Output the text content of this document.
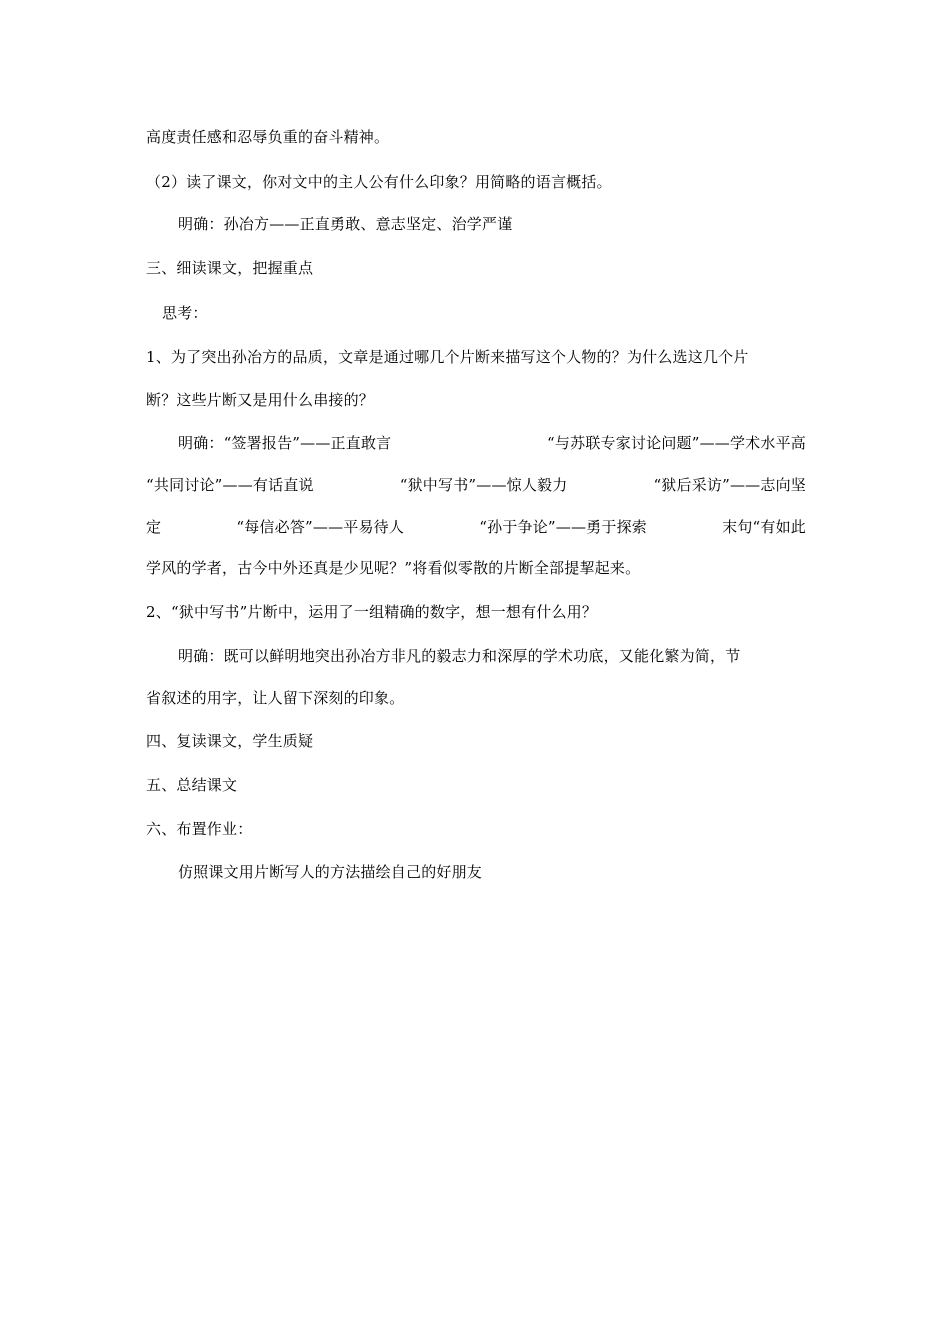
高度责任感和忍辱负重的奋斗精神。
（2）读了课文，你对文中的主人公有什么印象？用简略的语言概括。
明确：孙冶方——正直勇敢、意志坚定、治学严谨
三、细读课文，把握重点
思考：
1、为了突出孙冶方的品质，文章是通过哪几个片断来描写这个人物的？为什么选这几个片
断？这些片断又是用什么串接的？
明确：“签署报告”——正直敢言	“与苏联专家讨论问题”——学术水平高
“共同讨论”——有话直说	“狱中写书”——惊人毅力	“狱后采访”——志向坚
定	“每信必答”——平易待人	“孙于争论”——勇于探索	末句“有如此
学风的学者，古今中外还真是少见呢？”将看似零散的片断全部提挈起来。
2、“狱中写书”片断中，运用了一组精确的数字，想一想有什么用？
明确：既可以鲜明地突出孙冶方非凡的毅志力和深厚的学术功底，又能化繁为简，节
省叙述的用字，让人留下深刻的印象。
四、复读课文，学生质疑
五、总结课文
六、布置作业：
仿照课文用片断写人的方法描绘自己的好朋友
